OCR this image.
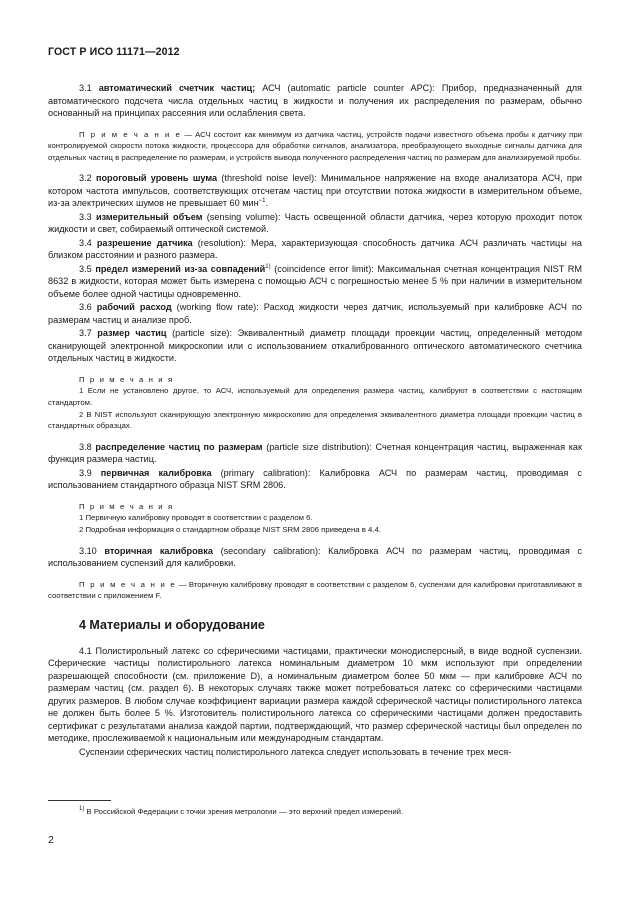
ГОСТ Р ИСО 11171—2012

3.1 автоматический счетчик частиц; АСЧ (automatic particle counter APC): Прибор, предназначенный для автоматического подсчета числа отдельных частиц в жидкости и получения их распределения по размерам, обычно основанный на принципах рассеяния или ослабления света.

П р и м е ч а н и е — АСЧ состоит как минимум из датчика частиц, устройств подачи известного объема пробы к датчику при контролируемой скорости потока жидкости, процессора для обработки сигналов, анализатора, преобразующего выходные сигналы датчика для отдельных частиц в распределение по размерам, и устройств вывода полученного распределения частиц по размерам для анализируемой пробы.

3.2 пороговый уровень шума (threshold noise level): Минимальное напряжение на входе анализатора АСЧ, при котором частота импульсов, соответствующих отсчетам частиц при отсутствии потока жидкости в измерительном объеме, из-за электрических шумов не превышает 60 мин$^{-1}$.

3.3 измерительный объем (sensing volume): Часть освещенной области датчика, через которую проходит поток жидкости и свет, собираемый оптической системой.

3.4 разрешение датчика (resolution): Мера, характеризующая способность датчика АСЧ различать частицы на близком расстоянии и разного размера.

3.5 предел измерений из-за совпадений$^{1)}$ (coincidence error limit): Максимальная счетная концентрация NIST RM 8632 в жидкости, которая может быть измерена с помощью АСЧ с погрешностью менее 5 % при наличии в измерительном объеме более одной частицы одновременно.

3.6 рабочий расход (working flow rate): Расход жидкости через датчик, используемый при калибровке АСЧ по размерам частиц и анализе проб.

3.7 размер частиц (particle size): Эквивалентный диаметр площади проекции частиц, определенный методом сканирующей электронной микроскопии или с использованием откалиброванного оптического автоматического счетчика отдельных частиц в жидкости.

П р и м е ч а н и я

1 Если не установлено другое, то АСЧ, используемый для определения размера частиц, калибруют в соответствии с настоящим стандартом.

2 В NIST используют сканирующую электронную микроскопию для определения эквивалентного диаметра площади проекции частиц в стандартных образцах.

3.8 распределение частиц по размерам (particle size distribution): Счетная концентрация частиц, выраженная как функция размера частиц.

3.9 первичная калибровка (primary calibration): Калибровка АСЧ по размерам частиц, проводимая с использованием стандартного образца NIST SRM 2806.

П р и м е ч а н и я

1 Первичную калибровку проводят в соответствии с разделом 6.

2 Подробная информация о стандартном образце NIST SRM 2806 приведена в 4.4.

3.10 вторичная калибровка (secondary calibration): Калибровка АСЧ по размерам частиц, проводимая с использованием суспензий для калибровки.

П р и м е ч а н и е — Вторичную калибровку проводят в соответствии с разделом 6, суспензии для калибровки приготавливают в соответствии с приложением F.

4 Материалы и оборудование

4.1 Полистирольный латекс со сферическими частицами, практически монодисперсный, в виде водной суспензии. Сферические частицы полистирольного латекса номинальным диаметром 10 мкм используют при определении разрешающей способности (см. приложение D), а номинальным диаметром более 50 мкм — при калибровке АСЧ по размерам частиц (см. раздел 6). В некоторых случаях также может потребоваться латекс со сферическими частицами других размеров. В любом случае коэффициент вариации размера каждой сферической частицы полистирольного латекса не должен быть более 5 %. Изготовитель полистирольного латекса со сферическими частицами должен предоставить сертификат с результатами анализа каждой партии, подтверждающий, что размер сферической частицы был определен по методике, прослеживаемой к национальным или международным стандартам.

Суспензии сферических частиц полистирольного латекса следует использовать в течение трех меся-

$^{1)}$ В Российской Федерации с точки зрения метрологии — это верхний предел измерений.

2
